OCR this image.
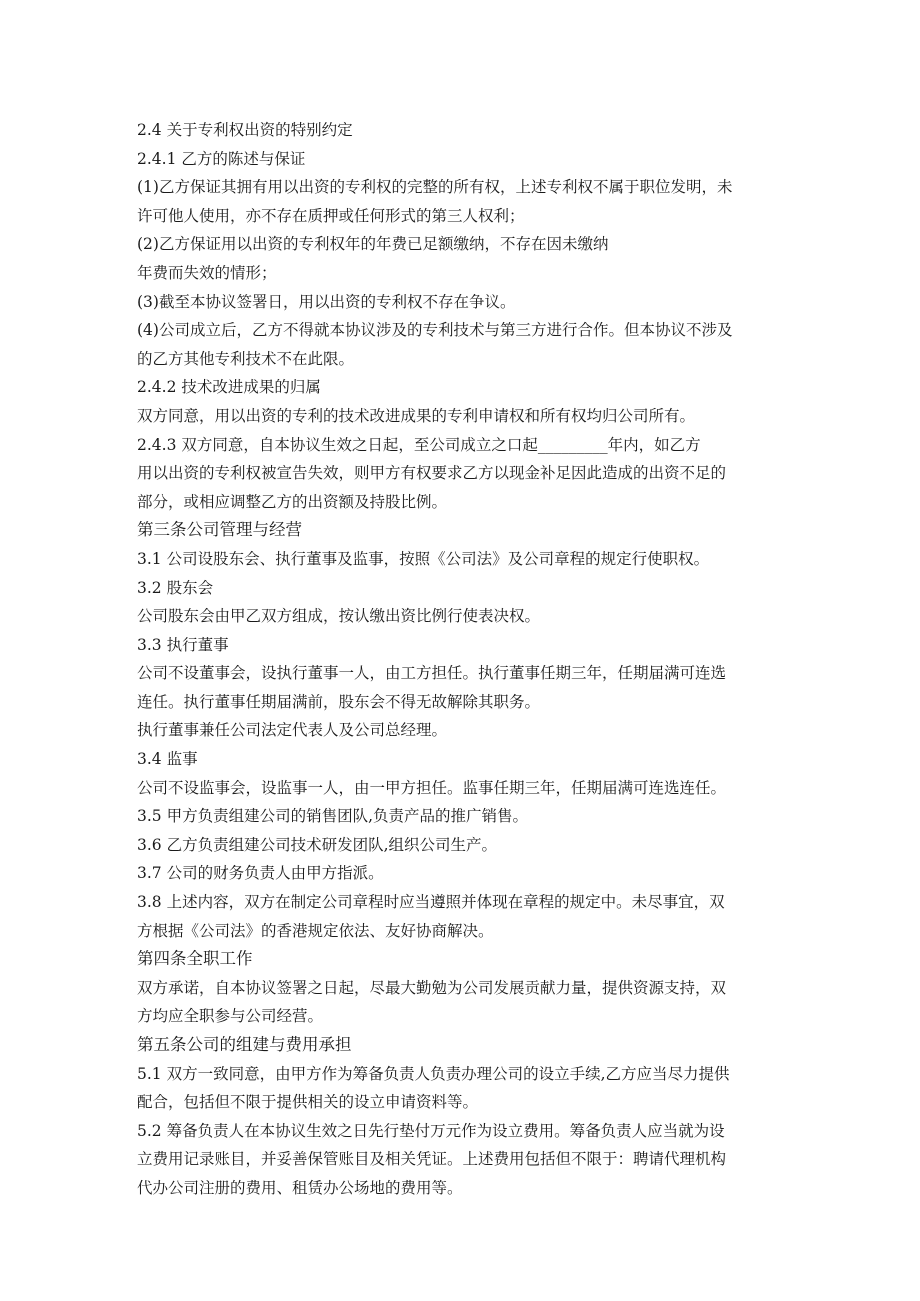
2.4 关于专利权出资的特别约定
2.4.1 乙方的陈述与保证
(1)乙方保证其拥有用以出资的专利权的完整的所有权，上述专利权不属于职位发明，未
许可他人使用，亦不存在质押或任何形式的第三人权利；
(2)乙方保证用以出资的专利权年的年费已足额缴纳，不存在因未缴纳
年费而失效的情形；
(3)截至本协议签署日，用以出资的专利权不存在争议。
(4)公司成立后，乙方不得就本协议涉及的专利技术与第三方进行合作。但本协议不涉及
的乙方其他专利技术不在此限。
2.4.2 技术改进成果的归属
双方同意，用以出资的专利的技术改进成果的专利申请权和所有权均归公司所有。
2.4.3 双方同意，自本协议生效之日起，至公司成立之口起_________年内，如乙方
用以出资的专利权被宣告失效，则甲方有权要求乙方以现金补足因此造成的出资不足的
部分，或相应调整乙方的出资额及持股比例。
第三条公司管理与经营
3.1 公司设股东会、执行董事及监事，按照《公司法》及公司章程的规定行使职权。
3.2 股东会
公司股东会由甲乙双方组成，按认缴出资比例行使表决权。
3.3 执行董事
公司不设董事会，设执行董事一人，由工方担任。执行董事任期三年，任期届满可连选
连任。执行董事任期届满前，股东会不得无故解除其职务。
执行董事兼任公司法定代表人及公司总经理。
3.4 监事
公司不设监事会，设监事一人，由一甲方担任。监事任期三年，任期届满可连选连任。
3.5 甲方负责组建公司的销售团队,负责产品的推广销售。
3.6 乙方负责组建公司技术研发团队,组织公司生产。
3.7 公司的财务负责人由甲方指派。
3.8 上述内容，双方在制定公司章程时应当遵照并体现在章程的规定中。未尽事宜，双
方根据《公司法》的香港规定依法、友好协商解决。
第四条全职工作
双方承诺，自本协议签署之日起，尽最大勤勉为公司发展贡献力量，提供资源支持，双
方均应全职参与公司经营。
第五条公司的组建与费用承担
5.1 双方一致同意，由甲方作为筹备负责人负责办理公司的设立手续,乙方应当尽力提供
配合，包括但不限于提供相关的设立申请资料等。
5.2 筹备负责人在本协议生效之日先行垫付万元作为设立费用。筹备负责人应当就为设
立费用记录账目，并妥善保管账目及相关凭证。上述费用包括但不限于：聘请代理机构
代办公司注册的费用、租赁办公场地的费用等。
